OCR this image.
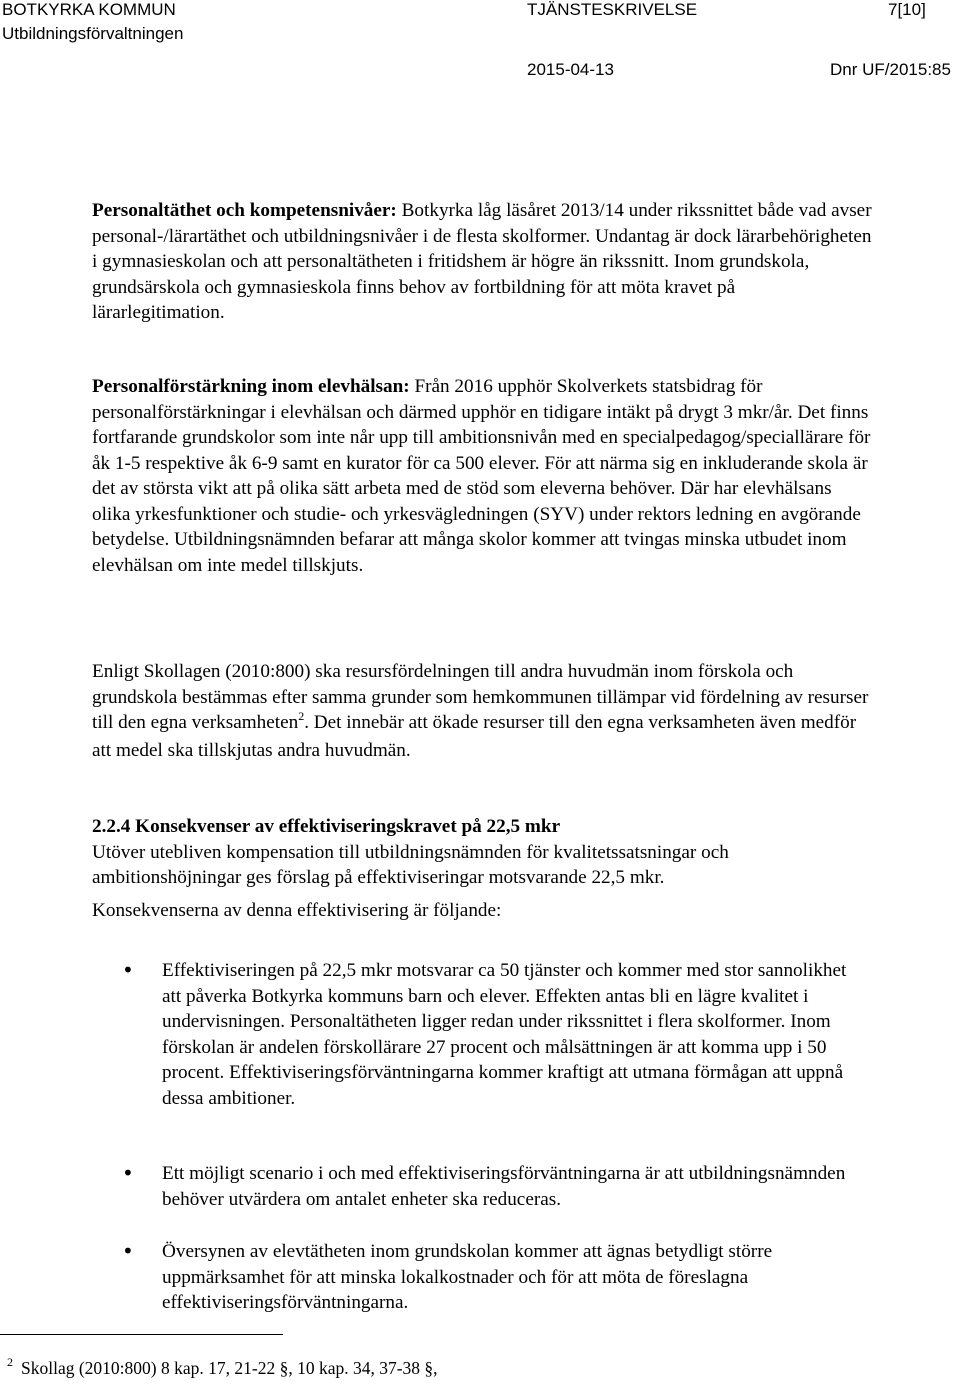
BOTKYRKA KOMMUN	TJÄNSTESKRIVELSE	7[10]
Utbildningsförvaltningen
2015-04-13	Dnr UF/2015:85

Personaltäthet och kompetensnivåer: Botkyrka låg läsåret 2013/14 under rikssnittet både vad avser personal-/lärartäthet och utbildningsnivåer i de flesta skolformer. Undantag är dock lärarbehörigheten i gymnasieskolan och att personaltätheten i fritidshem är högre än rikssnitt. Inom grundskola, grundsärskola och gymnasieskola finns behov av fortbildning för att möta kravet på lärarlegitimation.

Personalförstärkning inom elevhälsan: Från 2016 upphör Skolverkets statsbidrag för personalförstärkningar i elevhälsan och därmed upphör en tidigare intäkt på drygt 3 mkr/år. Det finns fortfarande grundskolor som inte når upp till ambitionsnivån med en specialpedagog/speciallärare för åk 1-5 respektive åk 6-9 samt en kurator för ca 500 elever. För att närma sig en inkluderande skola är det av största vikt att på olika sätt arbeta med de stöd som eleverna behöver. Där har elevhälsans olika yrkesfunktioner och studie- och yrkesvägledningen (SYV) under rektors ledning en avgörande betydelse. Utbildningsnämnden befarar att många skolor kommer att tvingas minska utbudet inom elevhälsan om inte medel tillskjuts.

Enligt Skollagen (2010:800) ska resursfördelningen till andra huvudmän inom förskola och grundskola bestämmas efter samma grunder som hemkommunen tillämpar vid fördelning av resurser till den egna verksamheten$^2$. Det innebär att ökade resurser till den egna verksamheten även medför att medel ska tillskjutas andra huvudmän.

2.2.4 Konsekvenser av effektiviseringskravet på 22,5 mkr
Utöver utebliven kompensation till utbildningsnämnden för kvalitetssatsningar och ambitionshöjningar ges förslag på effektiviseringar motsvarande 22,5 mkr.

Konsekvenserna av denna effektivisering är följande:

• Effektiviseringen på 22,5 mkr motsvarar ca 50 tjänster och kommer med stor sannolikhet att påverka Botkyrka kommuns barn och elever. Effekten antas bli en lägre kvalitet i undervisningen. Personaltätheten ligger redan under rikssnittet i flera skolformer. Inom förskolan är andelen förskollärare 27 procent och målsättningen är att komma upp i 50 procent. Effektiviseringsförväntningarna kommer kraftigt att utmana förmågan att uppnå dessa ambitioner.

• Ett möjligt scenario i och med effektiviseringsförväntningarna är att utbildningsnämnden behöver utvärdera om antalet enheter ska reduceras.

• Översynen av elevtätheten inom grundskolan kommer att ägnas betydligt större uppmärksamhet för att minska lokalkostnader och för att möta de föreslagna effektiviseringsförväntningarna.

$^2$ Skollag (2010:800) 8 kap. 17, 21-22 §, 10 kap. 34, 37-38 §,
